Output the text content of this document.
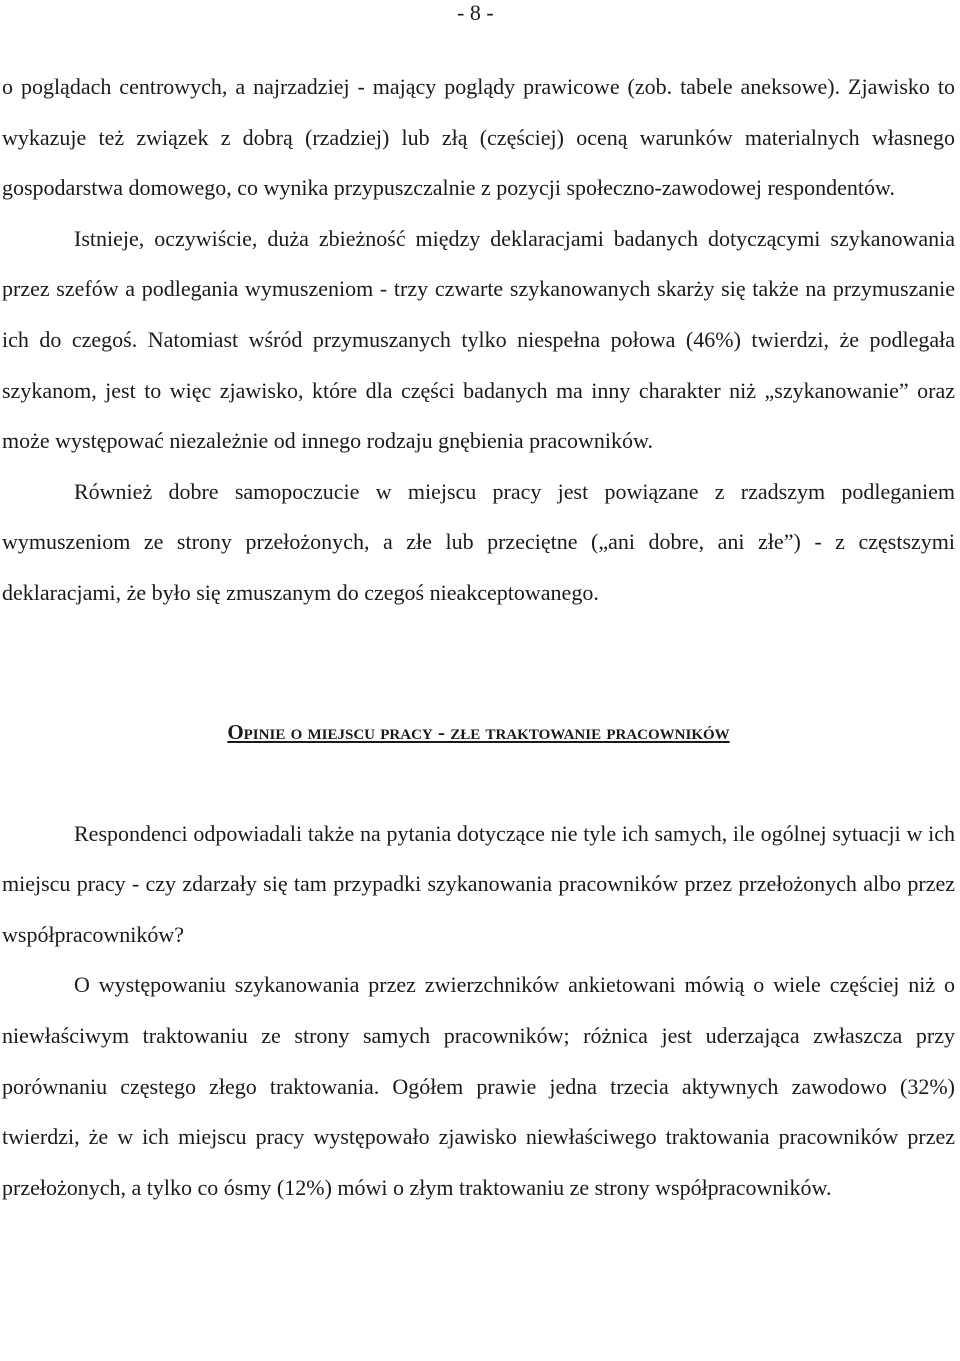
- 8 -

o poglądach centrowych, a najrzadziej - mający poglądy prawicowe (zob. tabele aneksowe). Zjawisko to wykazuje też związek z dobrą (rzadziej) lub złą (częściej) oceną warunków materialnych własnego gospodarstwa domowego, co wynika przypuszczalnie z pozycji społeczno-zawodowej respondentów.

Istnieje, oczywiście, duża zbieżność między deklaracjami badanych dotyczącymi szykanowania przez szefów a podlegania wymuszeniom - trzy czwarte szykanowanych skarży się także na przymuszanie ich do czegoś. Natomiast wśród przymuszanych tylko niespełna połowa (46%) twierdzi, że podlegała szykanom, jest to więc zjawisko, które dla części badanych ma inny charakter niż „szykanowanie” oraz może występować niezależnie od innego rodzaju gnębienia pracowników.

Również dobre samopoczucie w miejscu pracy jest powiązane z rzadszym podleganiem wymuszeniom ze strony przełożonych, a złe lub przeciętne („ani dobre, ani złe”) - z częstszymi deklaracjami, że było się zmuszanym do czegoś nieakceptowanego.

Opinie o miejscu pracy - złe traktowanie pracowników

Respondenci odpowiadali także na pytania dotyczące nie tyle ich samych, ile ogólnej sytuacji w ich miejscu pracy - czy zdarzały się tam przypadki szykanowania pracowników przez przełożonych albo przez współpracowników?

O występowaniu szykanowania przez zwierzchników ankietowani mówią o wiele częściej niż o niewłaściwym traktowaniu ze strony samych pracowników; różnica jest uderzająca zwłaszcza przy porównaniu częstego złego traktowania. Ogółem prawie jedna trzecia aktywnych zawodowo (32%) twierdzi, że w ich miejscu pracy występowało zjawisko niewłaściwego traktowania pracowników przez przełożonych, a tylko co ósmy (12%) mówi o złym traktowaniu ze strony współpracowników.
